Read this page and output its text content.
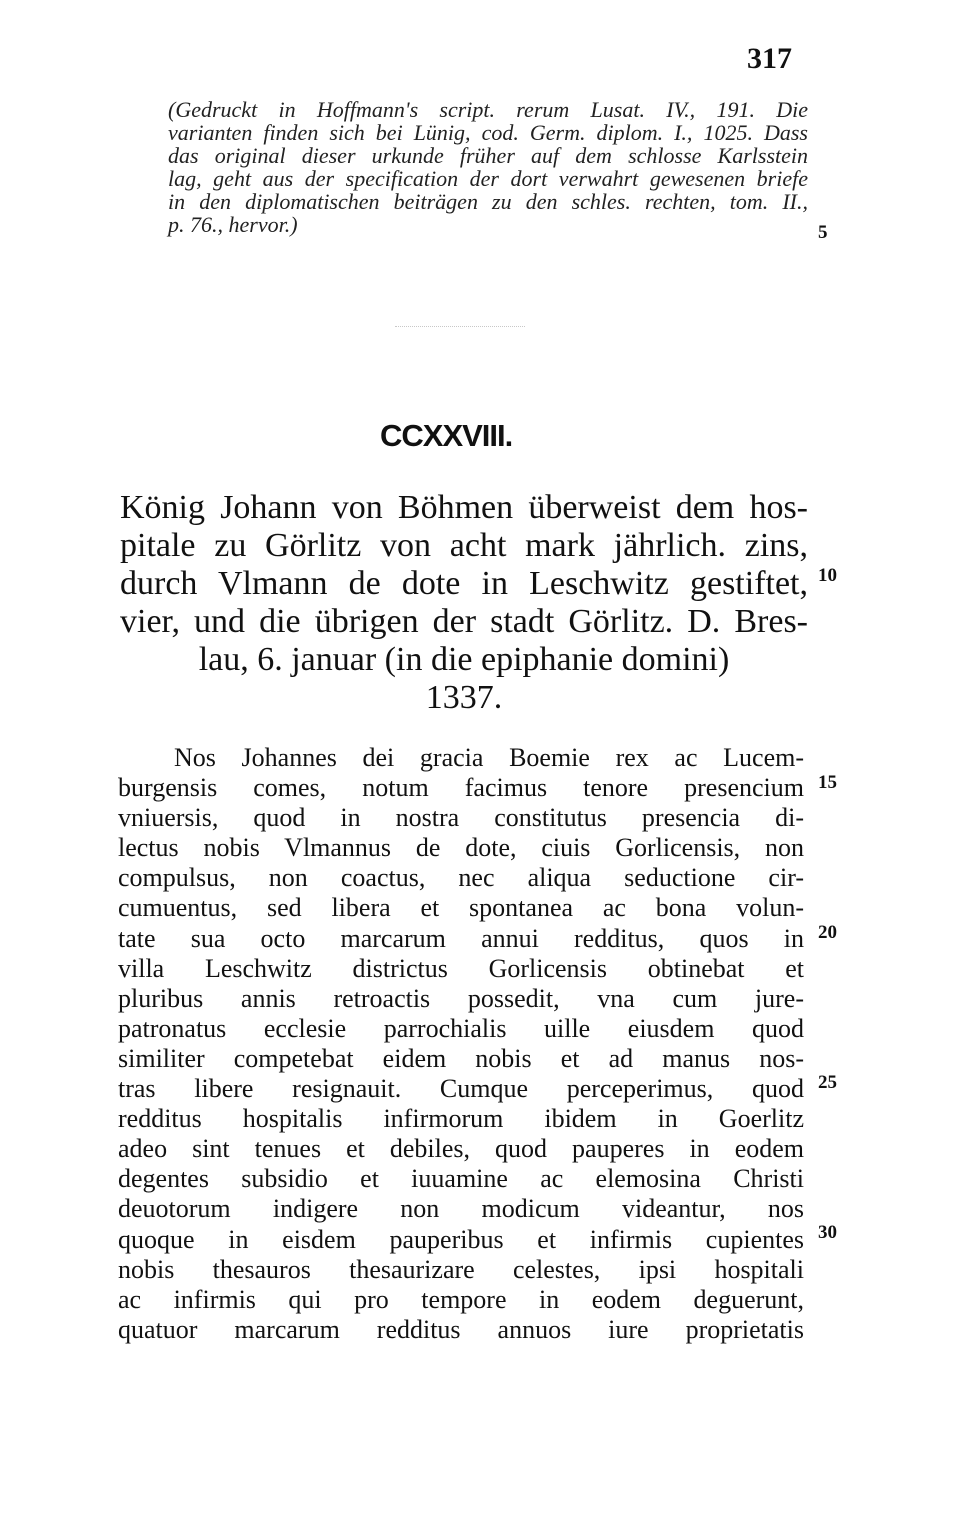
317
(Gedruckt in Hoffmann's script. rerum Lusat. IV., 191. Die
varianten finden sich bei Lünig, cod. Germ. diplom. I., 1025. Dass
das original dieser urkunde früher auf dem schlosse Karlsstein
lag, geht aus der specification der dort verwahrt gewesenen briefe
in den diplomatischen beiträgen zu den schles. rechten, tom. II.,
p. 76., hervor.)	5
CCXXVIII.
König Johann von Böhmen überweist dem hos-
pitale zu Görlitz von acht mark jährlich. zins,
durch Vlmann de dote in Leschwitz gestiftet,
vier, und die übrigen der stadt Görlitz. D. Bres-
lau, 6. januar (in die epiphanie domini)
1337.
10
Nos Johannes dei gracia Boemie rex ac Lucem-
burgensis comes, notum facimus tenore presencium
vniuersis, quod in nostra constitutus presencia di-
lectus nobis Vlmannus de dote, ciuis Gorlicensis, non
compulsus, non coactus, nec aliqua seductione cir-
cumuentus, sed libera et spontanea ac bona volun-
tate sua octo marcarum annui redditus, quos in
villa Leschwitz districtus Gorlicensis obtinebat et
pluribus annis retroactis possedit, vna cum jure-
patronatus ecclesie parrochialis uille eiusdem quod
similiter competebat eidem nobis et ad manus nos-
tras libere resignauit. Cumque perceperimus, quod
redditus hospitalis infirmorum ibidem in Goerlitz
adeo sint tenues et debiles, quod pauperes in eodem
degentes subsidio et iuuamine ac elemosina Christi
deuotorum indigere non modicum videantur, nos
quoque in eisdem pauperibus et infirmis cupientes
nobis thesauros thesaurizare celestes, ipsi hospitali
ac infirmis qui pro tempore in eodem deguerunt,
quatuor marcarum redditus annuos iure proprietatis
15
20
25
30
